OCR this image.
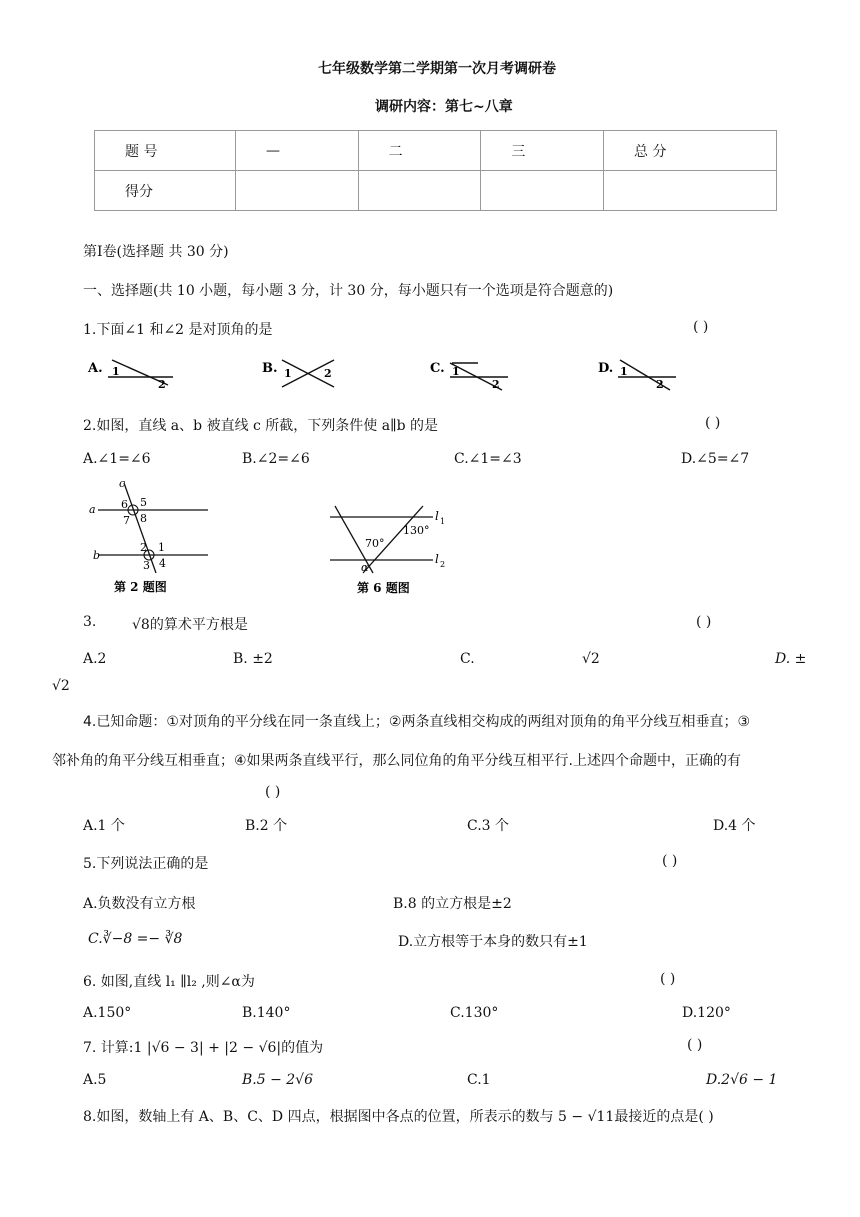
七年级数学第二学期第一次月考调研卷
调研内容：第七~八章
题 号	—	二	三	总 分
得分				
第Ⅰ卷(选择题 共 30 分)
一、选择题(共 10 小题，每小题 3 分，计 30 分，每小题只有一个选项是符合题意的)
1.下面∠1 和∠2 是对顶角的是	( )
A. 1
2
B. 1	2	C. 1
2
D. 1
2
2.如图，直线 a、b 被直线 c 所截，下列条件使 a∥b 的是	( )
A.∠1=∠6	B.∠2=∠6	C.∠1=∠3	D.∠5=∠7
c
a
b
5
6
7 8
1
2
3 4
第 2 题图
l 1
l 2
130°
70°
α
第 6 题图
3.	√8的算术平方根是	( )
A.2	B. ±2	C.	√2	D. ±
√2
4.已知命题：①对顶角的平分线在同一条直线上；②两条直线相交构成的两组对顶角的角平分线互相垂直；③
邻补角的角平分线互相垂直；④如果两条直线平行，那么同位角的角平分线互相平行.上述四个命题中，正确的有
( )
A.1 个	B.2 个	C.3 个	D.4 个
5.下列说法正确的是	( )
A.负数没有立方根	B.8 的立方根是±2
C.∛−8 =− ∛8	D.立方根等于本身的数只有±1
6. 如图,直线 l₁ ∥l₂ ,则∠α为	( )
A.150°	B.140°	C.130°	D.120°
7. 计算:1 |√6 − 3| + |2 − √6|的值为	( )
A.5	B.5 − 2√6	C.1	D.2√6 − 1
8.如图，数轴上有 A、B、C、D 四点，根据图中各点的位置，所表示的数与 5 − √11最接近的点是( )
